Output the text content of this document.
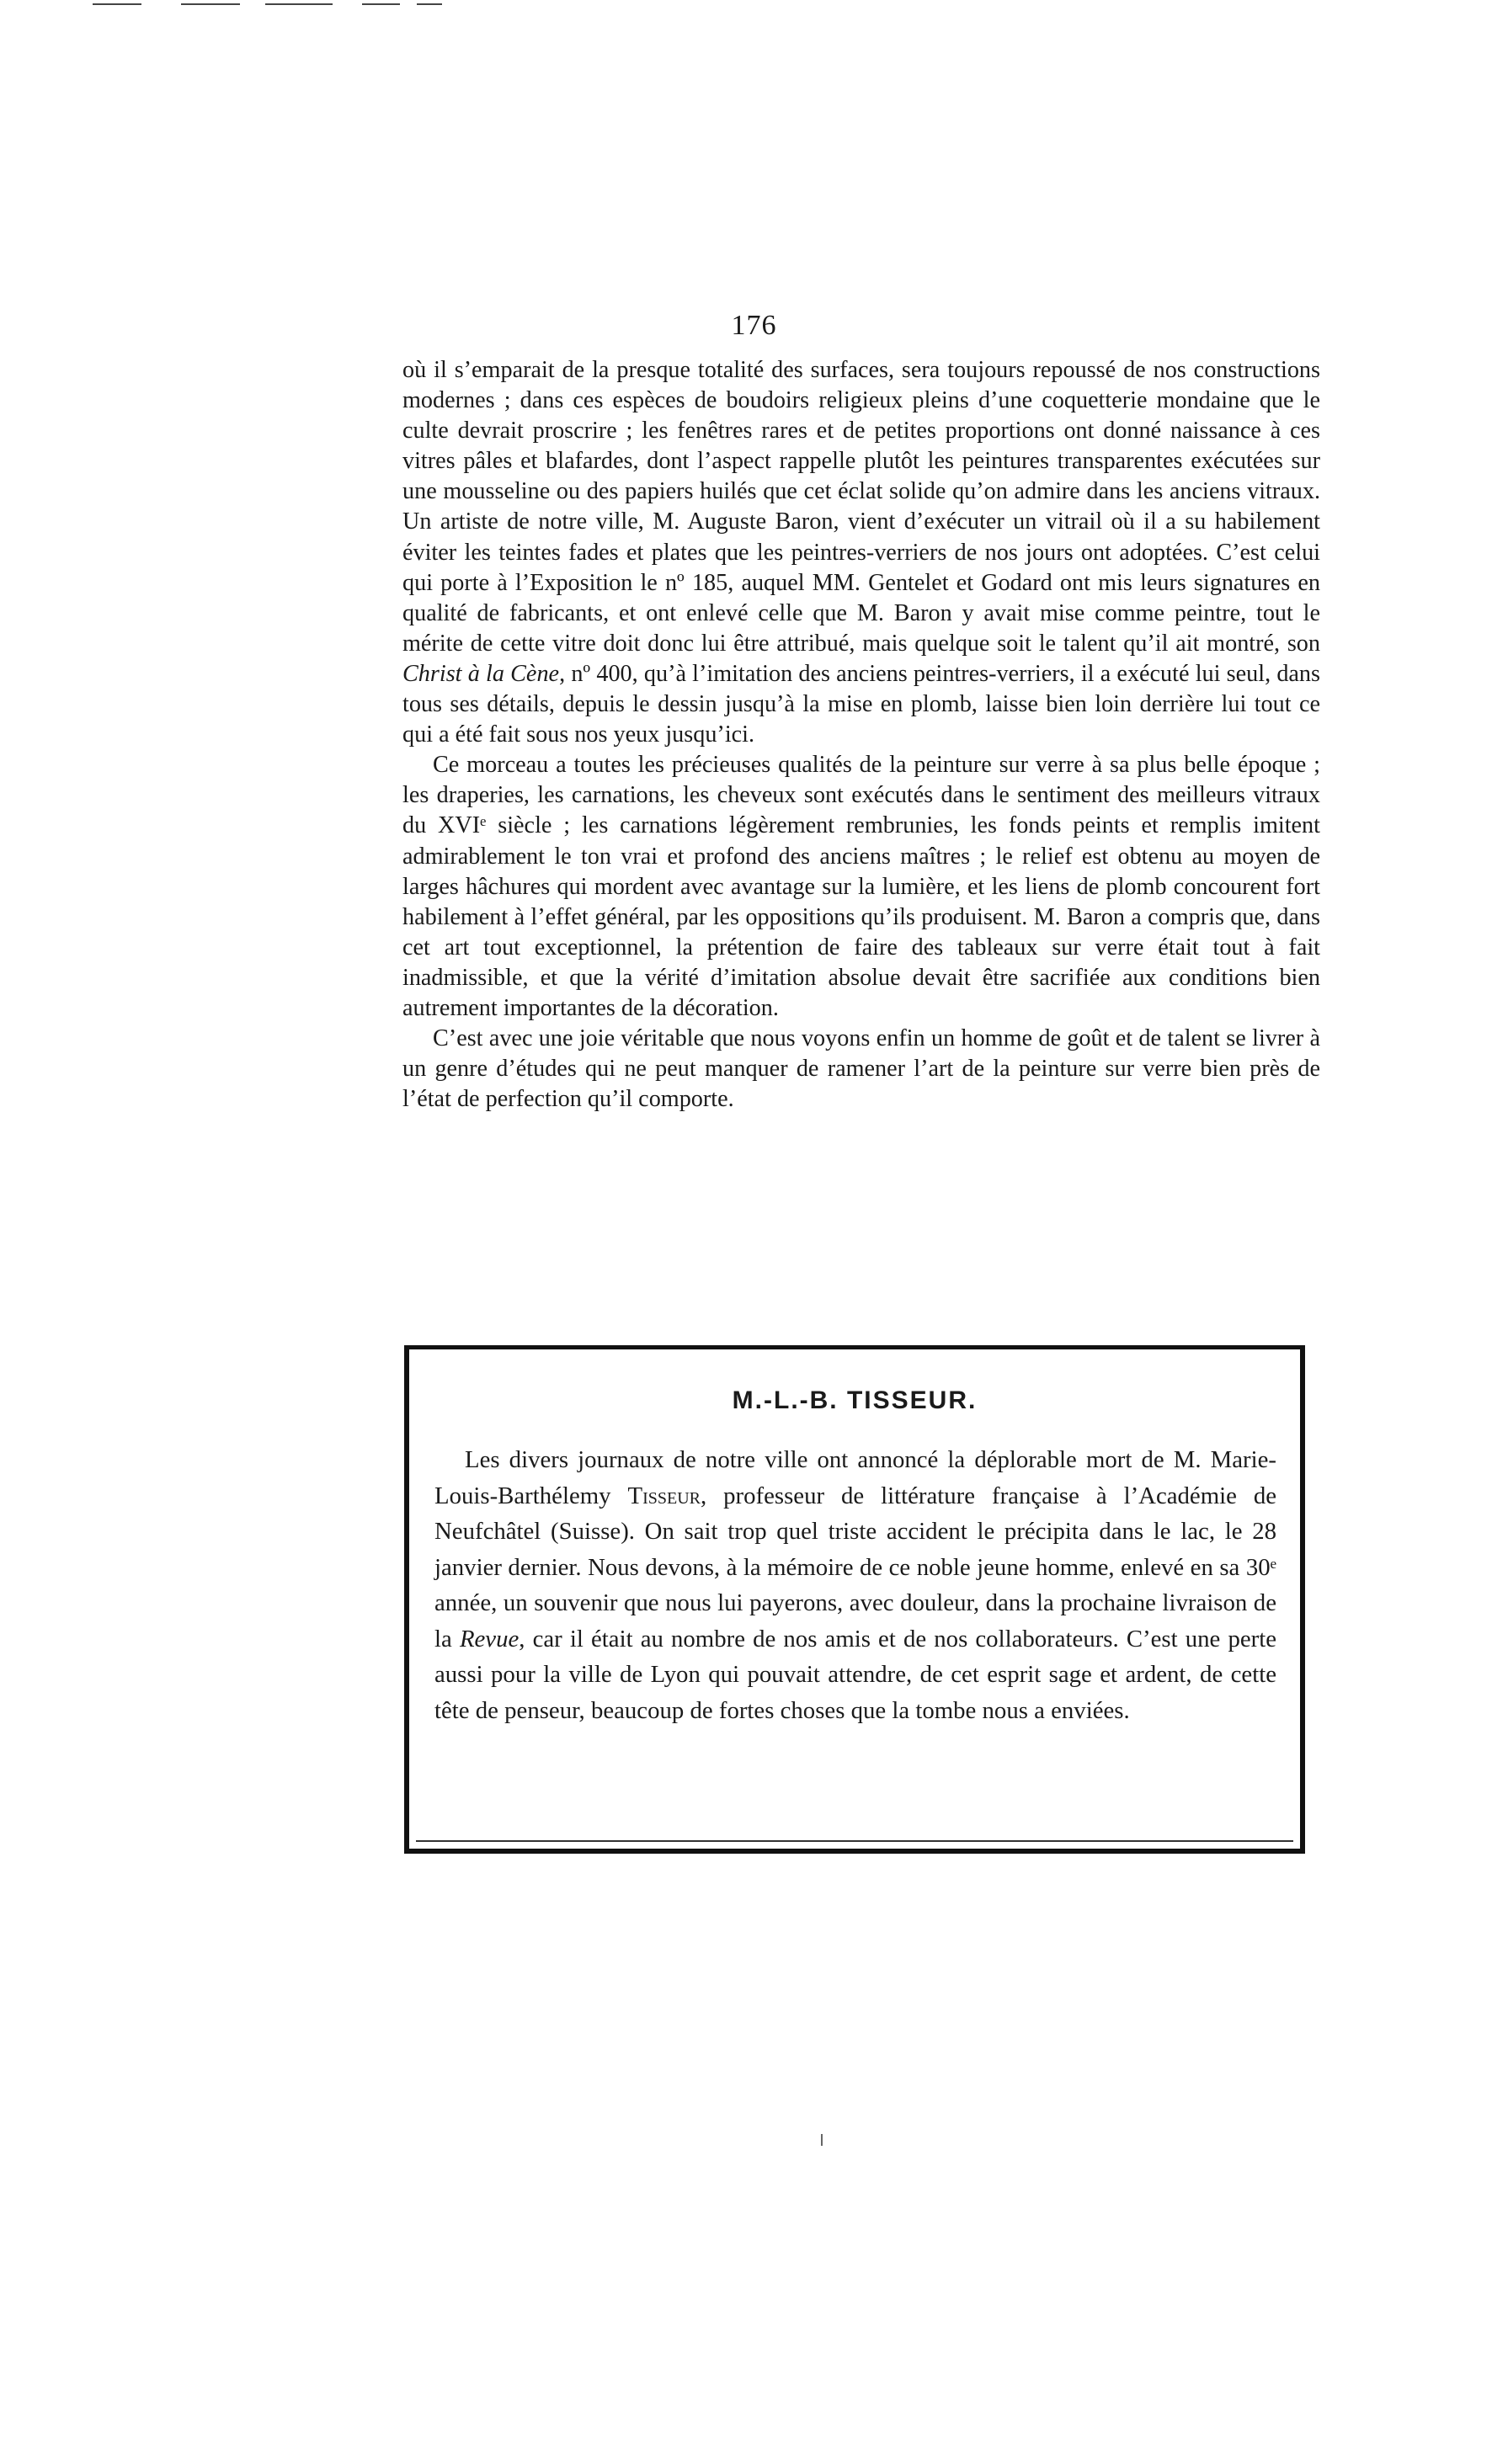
176

où il s’emparait de la presque totalité des surfaces, sera toujours repoussé de nos constructions modernes ; dans ces espèces de boudoirs religieux pleins d’une coquetterie mondaine que le culte devrait proscrire ; les fenêtres rares et de petites proportions ont donné naissance à ces vitres pâles et blafardes, dont l’aspect rappelle plutôt les peintures transparentes exécutées sur une mousseline ou des papiers huilés que cet éclat solide qu’on admire dans les anciens vitraux. Un artiste de notre ville, M. Auguste Baron, vient d’exécuter un vitrail où il a su habilement éviter les teintes fades et plates que les peintres-verriers de nos jours ont adoptées. C’est celui qui porte à l’Exposition le nº 185, auquel MM. Gentelet et Godard ont mis leurs signatures en qualité de fabricants, et ont enlevé celle que M. Baron y avait mise comme peintre, tout le mérite de cette vitre doit donc lui être attribué, mais quelque soit le talent qu’il ait montré, son Christ à la Cène, nº 400, qu’à l’imitation des anciens peintres-verriers, il a exécuté lui seul, dans tous ses détails, depuis le dessin jusqu’à la mise en plomb, laisse bien loin derrière lui tout ce qui a été fait sous nos yeux jusqu’ici.

Ce morceau a toutes les précieuses qualités de la peinture sur verre à sa plus belle époque ; les draperies, les carnations, les cheveux sont exécutés dans le sentiment des meilleurs vitraux du XVIᵉ siècle ; les carnations légèrement rembrunies, les fonds peints et remplis imitent admirablement le ton vrai et profond des anciens maîtres ; le relief est obtenu au moyen de larges hâchures qui mordent avec avantage sur la lumière, et les liens de plomb concourent fort habilement à l’effet général, par les oppositions qu’ils produisent. M. Baron a compris que, dans cet art tout exceptionnel, la prétention de faire des tableaux sur verre était tout à fait inadmissible, et que la vérité d’imitation absolue devait être sacrifiée aux conditions bien autrement importantes de la décoration.

C’est avec une joie véritable que nous voyons enfin un homme de goût et de talent se livrer à un genre d’études qui ne peut manquer de ramener l’art de la peinture sur verre bien près de l’état de perfection qu’il comporte.

M.-L.-B. TISSEUR.

Les divers journaux de notre ville ont annoncé la déplorable mort de M. Marie-Louis-Barthélemy Tisseur, professeur de littérature française à l’Académie de Neufchâtel (Suisse). On sait trop quel triste accident le précipita dans le lac, le 28 janvier dernier. Nous devons, à la mémoire de ce noble jeune homme, enlevé en sa 30ᵉ année, un souvenir que nous lui payerons, avec douleur, dans la prochaine livraison de la Revue, car il était au nombre de nos amis et de nos collaborateurs. C’est une perte aussi pour la ville de Lyon qui pouvait attendre, de cet esprit sage et ardent, de cette tête de penseur, beaucoup de fortes choses que la tombe nous a enviées.
